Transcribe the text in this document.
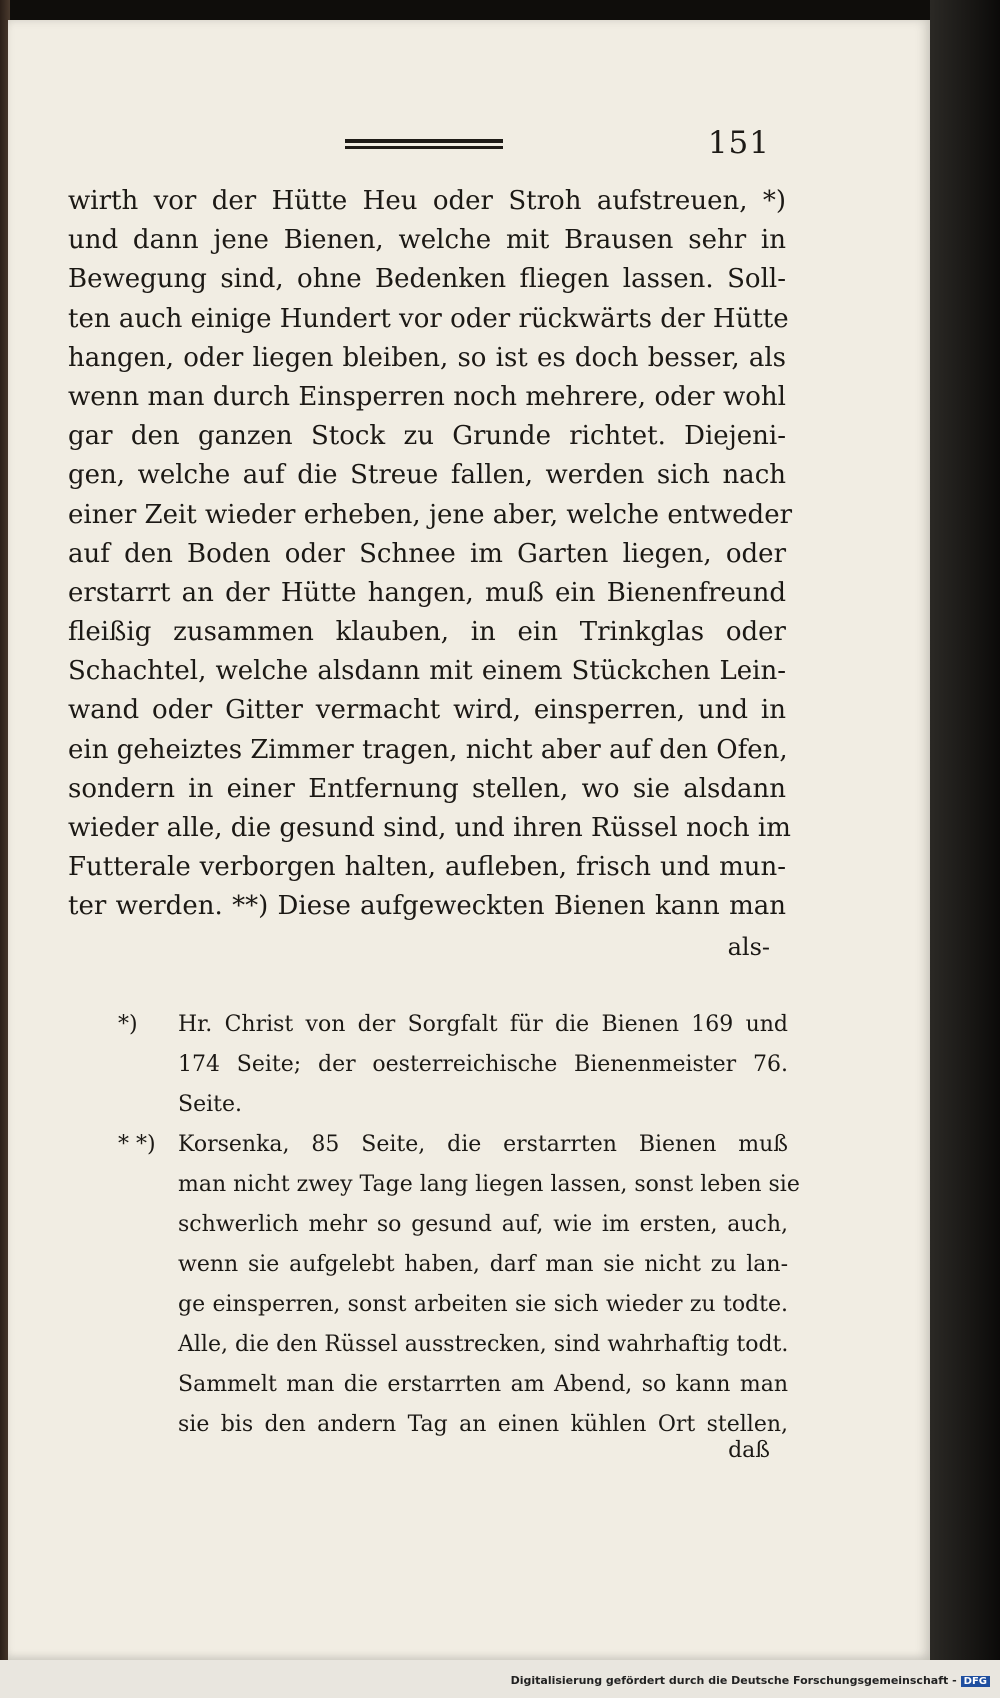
151
wirth vor der Hütte Heu oder Stroh aufstreuen, *)
und dann jene Bienen, welche mit Brausen sehr in
Bewegung sind, ohne Bedenken fliegen lassen. Soll-
ten auch einige Hundert vor oder rückwärts der Hütte
hangen, oder liegen bleiben, so ist es doch besser, als
wenn man durch Einsperren noch mehrere, oder wohl
gar den ganzen Stock zu Grunde richtet. Diejeni-
gen, welche auf die Streue fallen, werden sich nach
einer Zeit wieder erheben, jene aber, welche entweder
auf den Boden oder Schnee im Garten liegen, oder
erstarrt an der Hütte hangen, muß ein Bienenfreund
fleißig zusammen klauben, in ein Trinkglas oder
Schachtel, welche alsdann mit einem Stückchen Lein-
wand oder Gitter vermacht wird, einsperren, und in
ein geheiztes Zimmer tragen, nicht aber auf den Ofen,
sondern in einer Entfernung stellen, wo sie alsdann
wieder alle, die gesund sind, und ihren Rüssel noch im
Futterale verborgen halten, aufleben, frisch und mun-
ter werden. **) Diese aufgeweckten Bienen kann man
als-
*)	Hr. Christ von der Sorgfalt für die Bienen 169 und
174 Seite; der oesterreichische Bienenmeister 76.
Seite.
* *)	Korsenka, 85 Seite, die erstarrten Bienen muß
man nicht zwey Tage lang liegen lassen, sonst leben sie
schwerlich mehr so gesund auf, wie im ersten, auch,
wenn sie aufgelebt haben, darf man sie nicht zu lan-
ge einsperren, sonst arbeiten sie sich wieder zu todte.
Alle, die den Rüssel ausstrecken, sind wahrhaftig todt.
Sammelt man die erstarrten am Abend, so kann man
sie bis den andern Tag an einen kühlen Ort stellen,
daß
Digitalisierung gefördert durch die Deutsche Forschungsgemeinschaft - DFG
